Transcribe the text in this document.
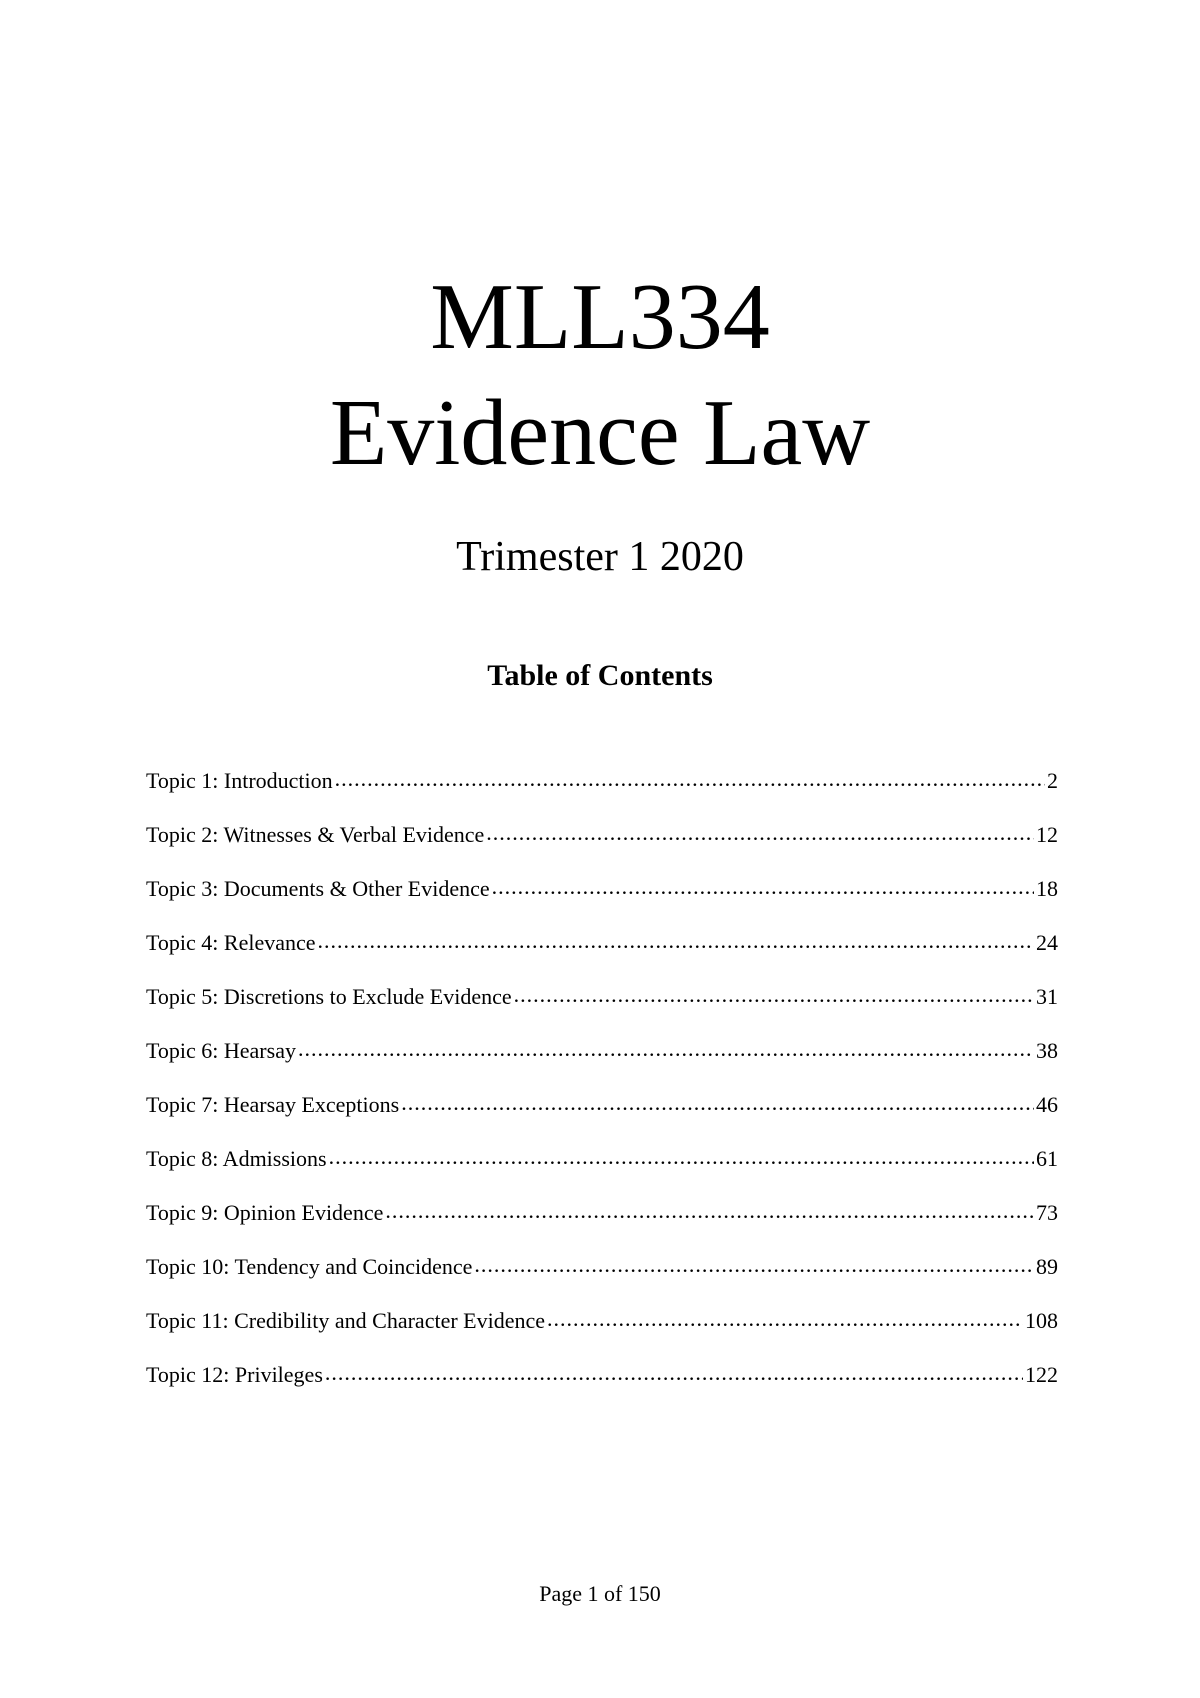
MLL334
Evidence Law
Trimester 1 2020
Table of Contents
Topic 1: Introduction .....	2
Topic 2: Witnesses & Verbal Evidence .....	12
Topic 3: Documents & Other Evidence .....	18
Topic 4: Relevance .....	24
Topic 5: Discretions to Exclude Evidence .....	31
Topic 6: Hearsay .....	38
Topic 7: Hearsay Exceptions .....	46
Topic 8: Admissions .....	61
Topic 9: Opinion Evidence .....	73
Topic 10: Tendency and Coincidence .....	89
Topic 11: Credibility and Character Evidence .....	108
Topic 12: Privileges .....	122
Page 1 of 150
